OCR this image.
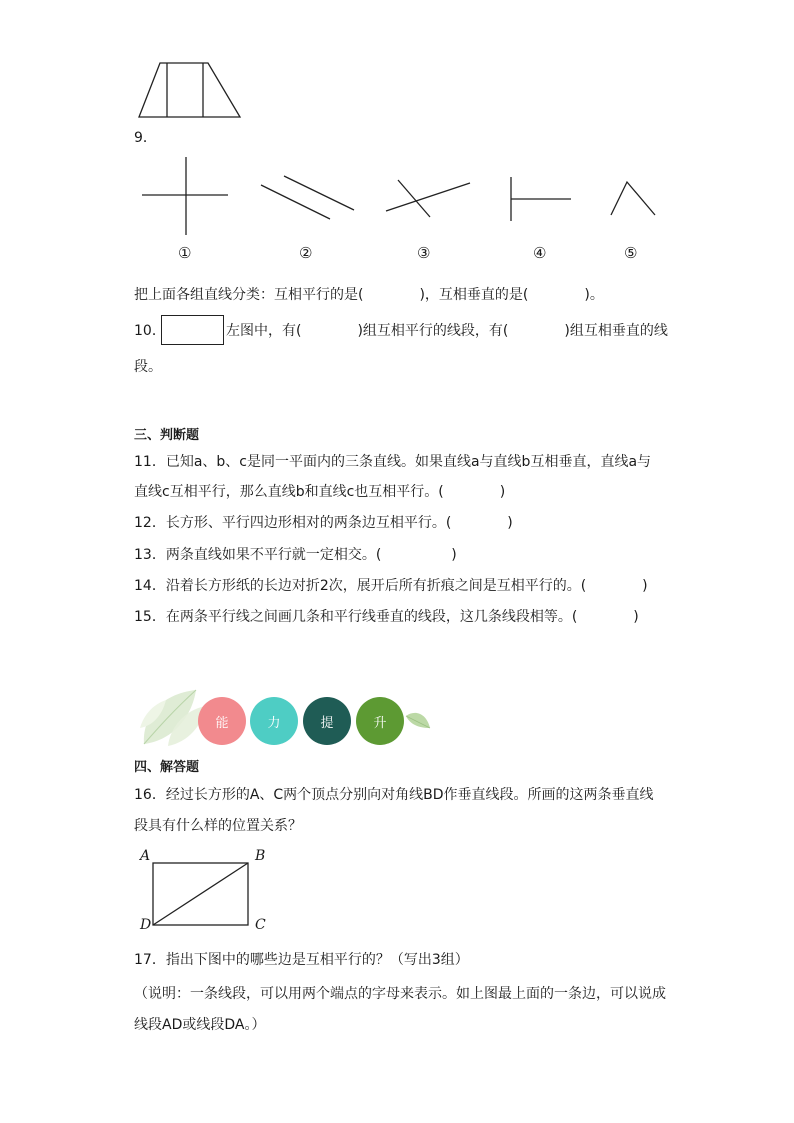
9．
①	②	③	④	⑤
把上面各组直线分类：互相平行的是(　　　　)，互相垂直的是(　　　　)。
10．	左图中，有(　　　　)组互相平行的线段，有(　　　　)组互相垂直的线
段。
三、判断题
11．已知a、b、c是同一平面内的三条直线。如果直线a与直线b互相垂直，直线a与
直线c互相平行，那么直线b和直线c也互相平行。(　　　　)
12．长方形、平行四边形相对的两条边互相平行。(　　　　)
13．两条直线如果不平行就一定相交。(　　　　　)
14．沿着长方形纸的长边对折2次，展开后所有折痕之间是互相平行的。(　　　　)
15．在两条平行线之间画几条和平行线垂直的线段，这几条线段相等。(　　　　)
能	力	提	升
四、解答题
16．经过长方形的A、C两个顶点分别向对角线BD作垂直线段。所画的这两条垂直线
段具有什么样的位置关系？
A	B
C
D
17．指出下图中的哪些边是互相平行的？（写出3组）
（说明：一条线段，可以用两个端点的字母来表示。如上图最上面的一条边，可以说成
线段AD或线段DA。）
